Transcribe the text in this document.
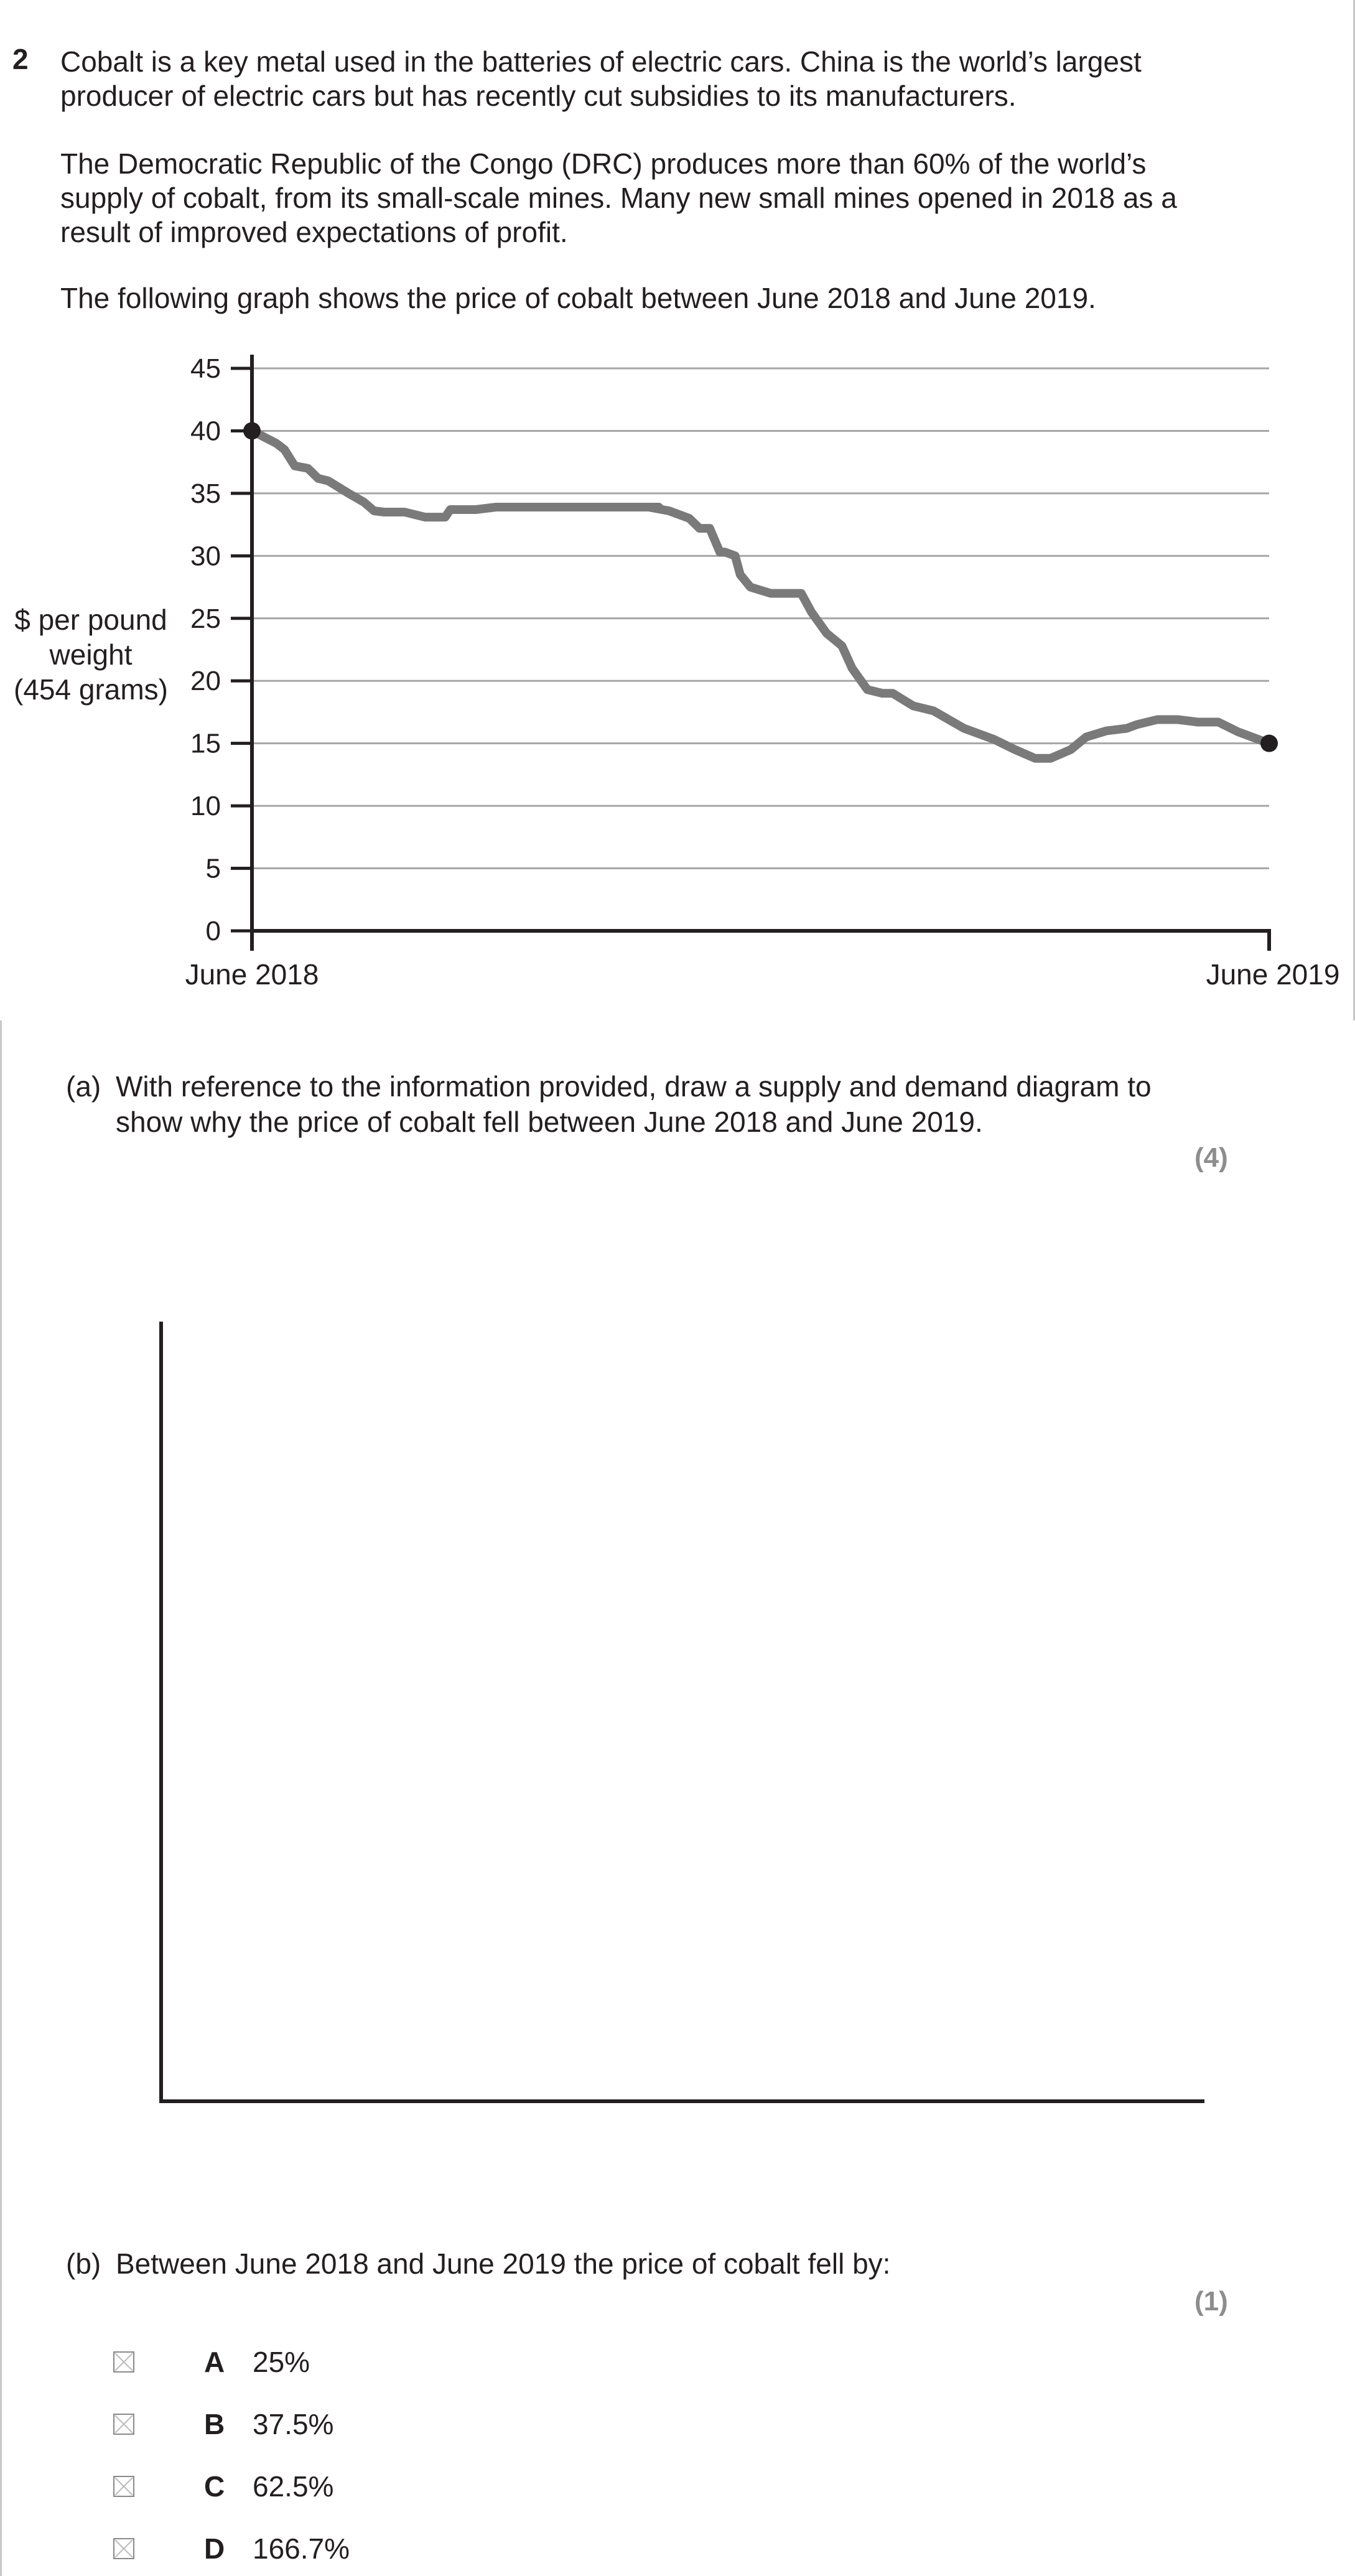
2 Cobalt is a key metal used in the batteries of electric cars. China is the world’s largest producer of electric cars but has recently cut subsidies to its manufacturers.
The Democratic Republic of the Congo (DRC) produces more than 60% of the world’s supply of cobalt, from its small-scale mines. Many new small mines opened in 2018 as a result of improved expectations of profit.
The following graph shows the price of cobalt between June 2018 and June 2019.
$ per pound
weight
(454 grams)
0
5
10
15
20
25
30
35
40
45
June 2018	June 2019
(a) With reference to the information provided, draw a supply and demand diagram to show why the price of cobalt fell between June 2018 and June 2019.
(4)
(b) Between June 2018 and June 2019 the price of cobalt fell by:
(1)
A 25%
B 37.5%
C 62.5%
D 166.7%
